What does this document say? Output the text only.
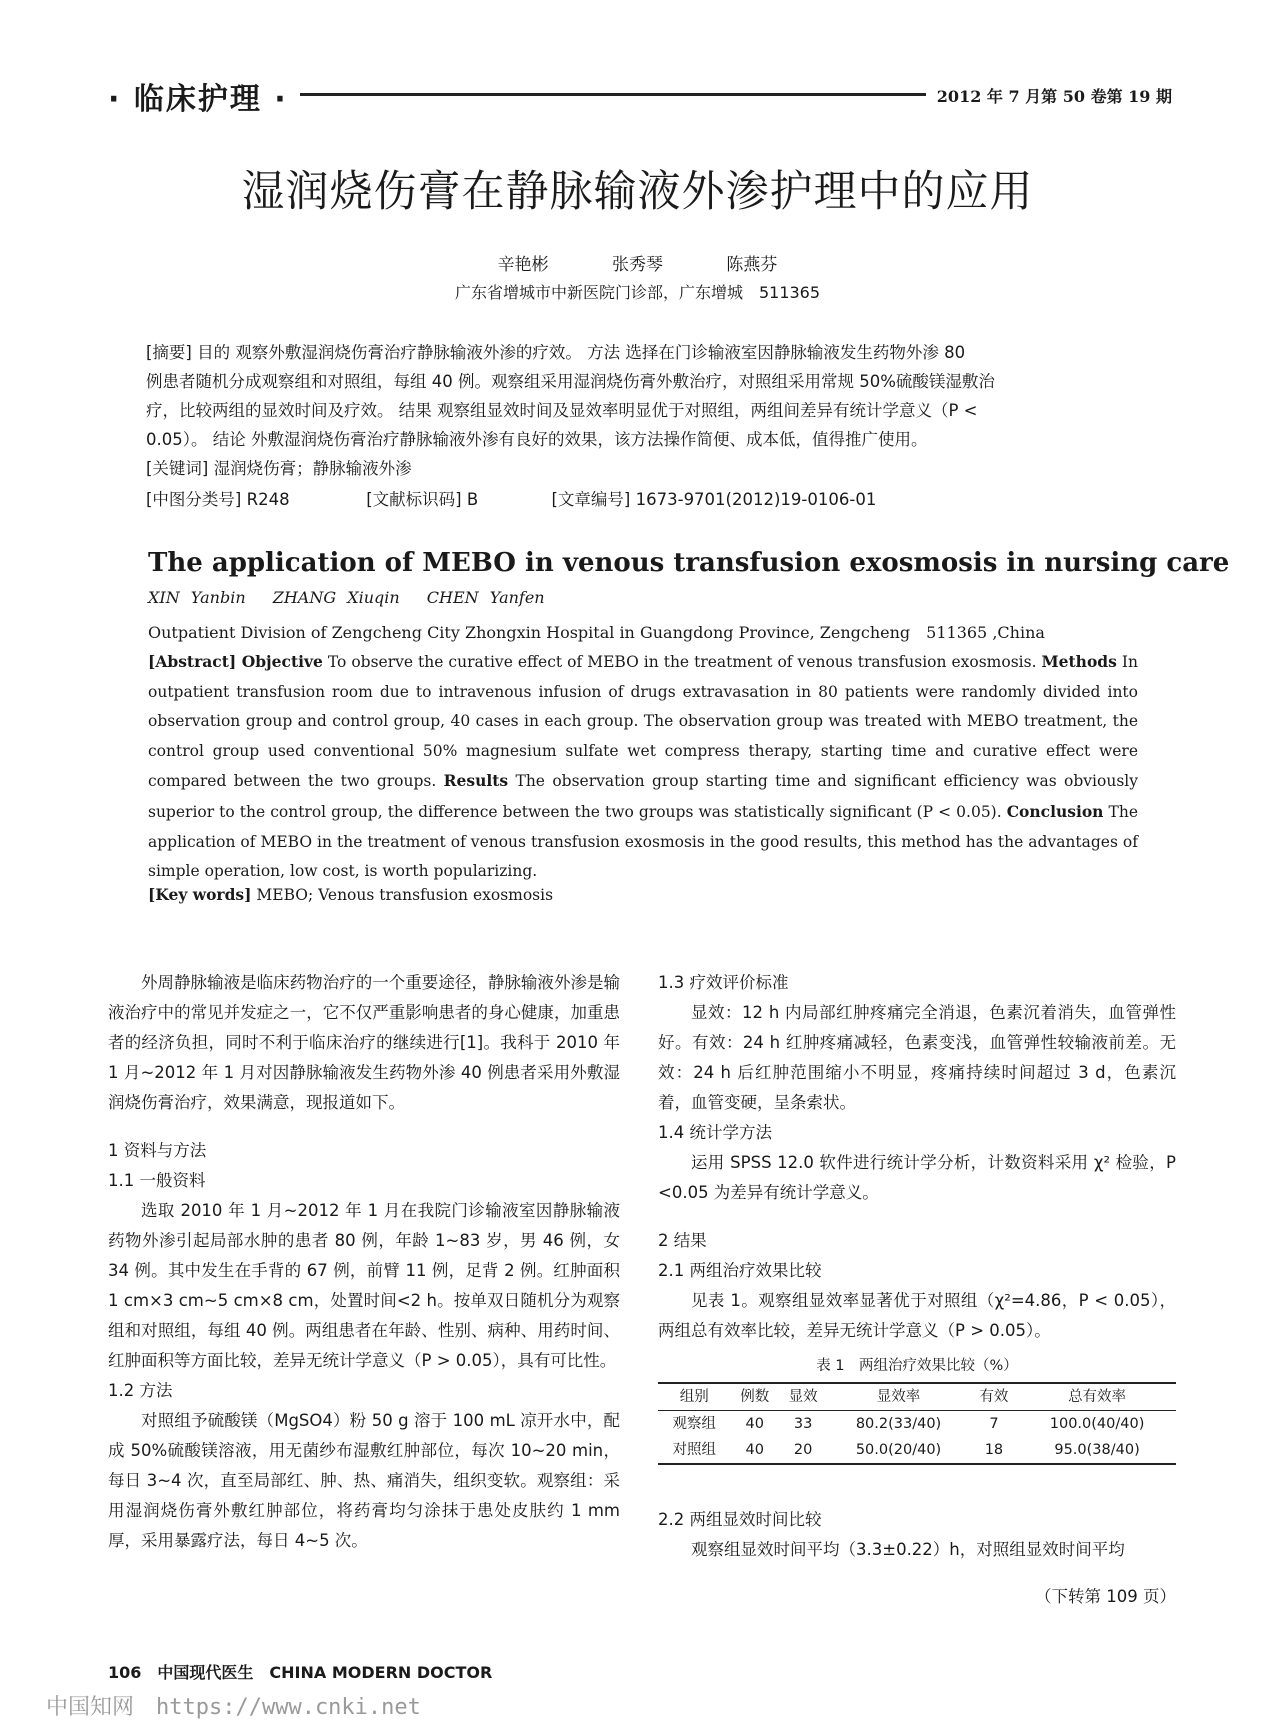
· 临床护理 ·	2012 年 7 月第 50 卷第 19 期
湿润烧伤膏在静脉输液外渗护理中的应用
辛艳彬	张秀琴	陈燕芬
广东省增城市中新医院门诊部，广东增城　511365
[摘要] 目的 观察外敷湿润烧伤膏治疗静脉输液外渗的疗效。 方法 选择在门诊输液室因静脉输液发生药物外渗 80
例患者随机分成观察组和对照组，每组 40 例。观察组采用湿润烧伤膏外敷治疗，对照组采用常规 50%硫酸镁湿敷治
疗，比较两组的显效时间及疗效。 结果 观察组显效时间及显效率明显优于对照组，两组间差异有统计学意义（P <
0.05）。 结论 外敷湿润烧伤膏治疗静脉输液外渗有良好的效果，该方法操作简便、成本低，值得推广使用。
[关键词] 湿润烧伤膏；静脉输液外渗
[中图分类号] R248	[文献标识码] B	[文章编号] 1673-9701(2012)19-0106-01
The application of MEBO in venous transfusion exosmosis in nursing care
XIN Yanbin ZHANG Xiuqin CHEN Yanfen
Outpatient Division of Zengcheng City Zhongxin Hospital in Guangdong Province, Zengcheng　511365 ,China
[Abstract] Objective To observe the curative effect of MEBO in the treatment of venous transfusion exosmosis. Methods In outpatient transfusion room due to intravenous infusion of drugs extravasation in 80 patients were randomly divided into observation group and control group, 40 cases in each group. The observation group was treated with MEBO treatment, the control group used conventional 50% magnesium sulfate wet compress therapy, starting time and curative effect were compared between the two groups. Results The observation group starting time and significant efficiency was obviously superior to the control group, the difference between the two groups was statistically significant (P < 0.05). Conclusion The application of MEBO in the treatment of venous transfusion exosmosis in the good results, this method has the advantages of simple operation, low cost, is worth popularizing.
[Key words] MEBO; Venous transfusion exosmosis

外周静脉输液是临床药物治疗的一个重要途径，静脉输液外渗是输液治疗中的常见并发症之一，它不仅严重影响患者的身心健康，加重患者的经济负担，同时不利于临床治疗的继续进行[1]。我科于 2010 年 1 月~2012 年 1 月对因静脉输液发生药物外渗 40 例患者采用外敷湿润烧伤膏治疗，效果满意，现报道如下。

1 资料与方法

1.1 一般资料

选取 2010 年 1 月~2012 年 1 月在我院门诊输液室因静脉输液药物外渗引起局部水肿的患者 80 例，年龄 1~83 岁，男 46 例，女 34 例。其中发生在手背的 67 例，前臂 11 例，足背 2 例。红肿面积 1 cm×3 cm~5 cm×8 cm，处置时间<2 h。按单双日随机分为观察组和对照组，每组 40 例。两组患者在年龄、性别、病种、用药时间、红肿面积等方面比较，差异无统计学意义（P > 0.05），具有可比性。

1.2 方法

对照组予硫酸镁（MgSO4）粉 50 g 溶于 100 mL 凉开水中，配成 50%硫酸镁溶液，用无菌纱布湿敷红肿部位，每次 10~20 min，每日 3~4 次，直至局部红、肿、热、痛消失，组织变软。观察组：采用湿润烧伤膏外敷红肿部位，将药膏均匀涂抹于患处皮肤约 1 mm 厚，采用暴露疗法，每日 4~5 次。

1.3 疗效评价标准

显效：12 h 内局部红肿疼痛完全消退，色素沉着消失，血管弹性好。有效：24 h 红肿疼痛减轻，色素变浅，血管弹性较输液前差。无效：24 h 后红肿范围缩小不明显，疼痛持续时间超过 3 d，色素沉着，血管变硬，呈条索状。

1.4 统计学方法

运用 SPSS 12.0 软件进行统计学分析，计数资料采用 χ² 检验，P <0.05 为差异有统计学意义。

2 结果

2.1 两组治疗效果比较

见表 1。观察组显效率显著优于对照组（χ²=4.86，P < 0.05），两组总有效率比较，差异无统计学意义（P > 0.05）。

表 1　两组治疗效果比较（%）
组别	例数	显效	显效率	有效	总有效率
观察组	40	33	80.2(33/40)	7	100.0(40/40)
对照组	40	20	50.0(20/40)	18	95.0(38/40)

2.2 两组显效时间比较

观察组显效时间平均（3.3±0.22）h，对照组显效时间平均

（下转第 109 页）

106　中国现代医生　CHINA MODERN DOCTOR
中国知网　https://www.cnki.net
